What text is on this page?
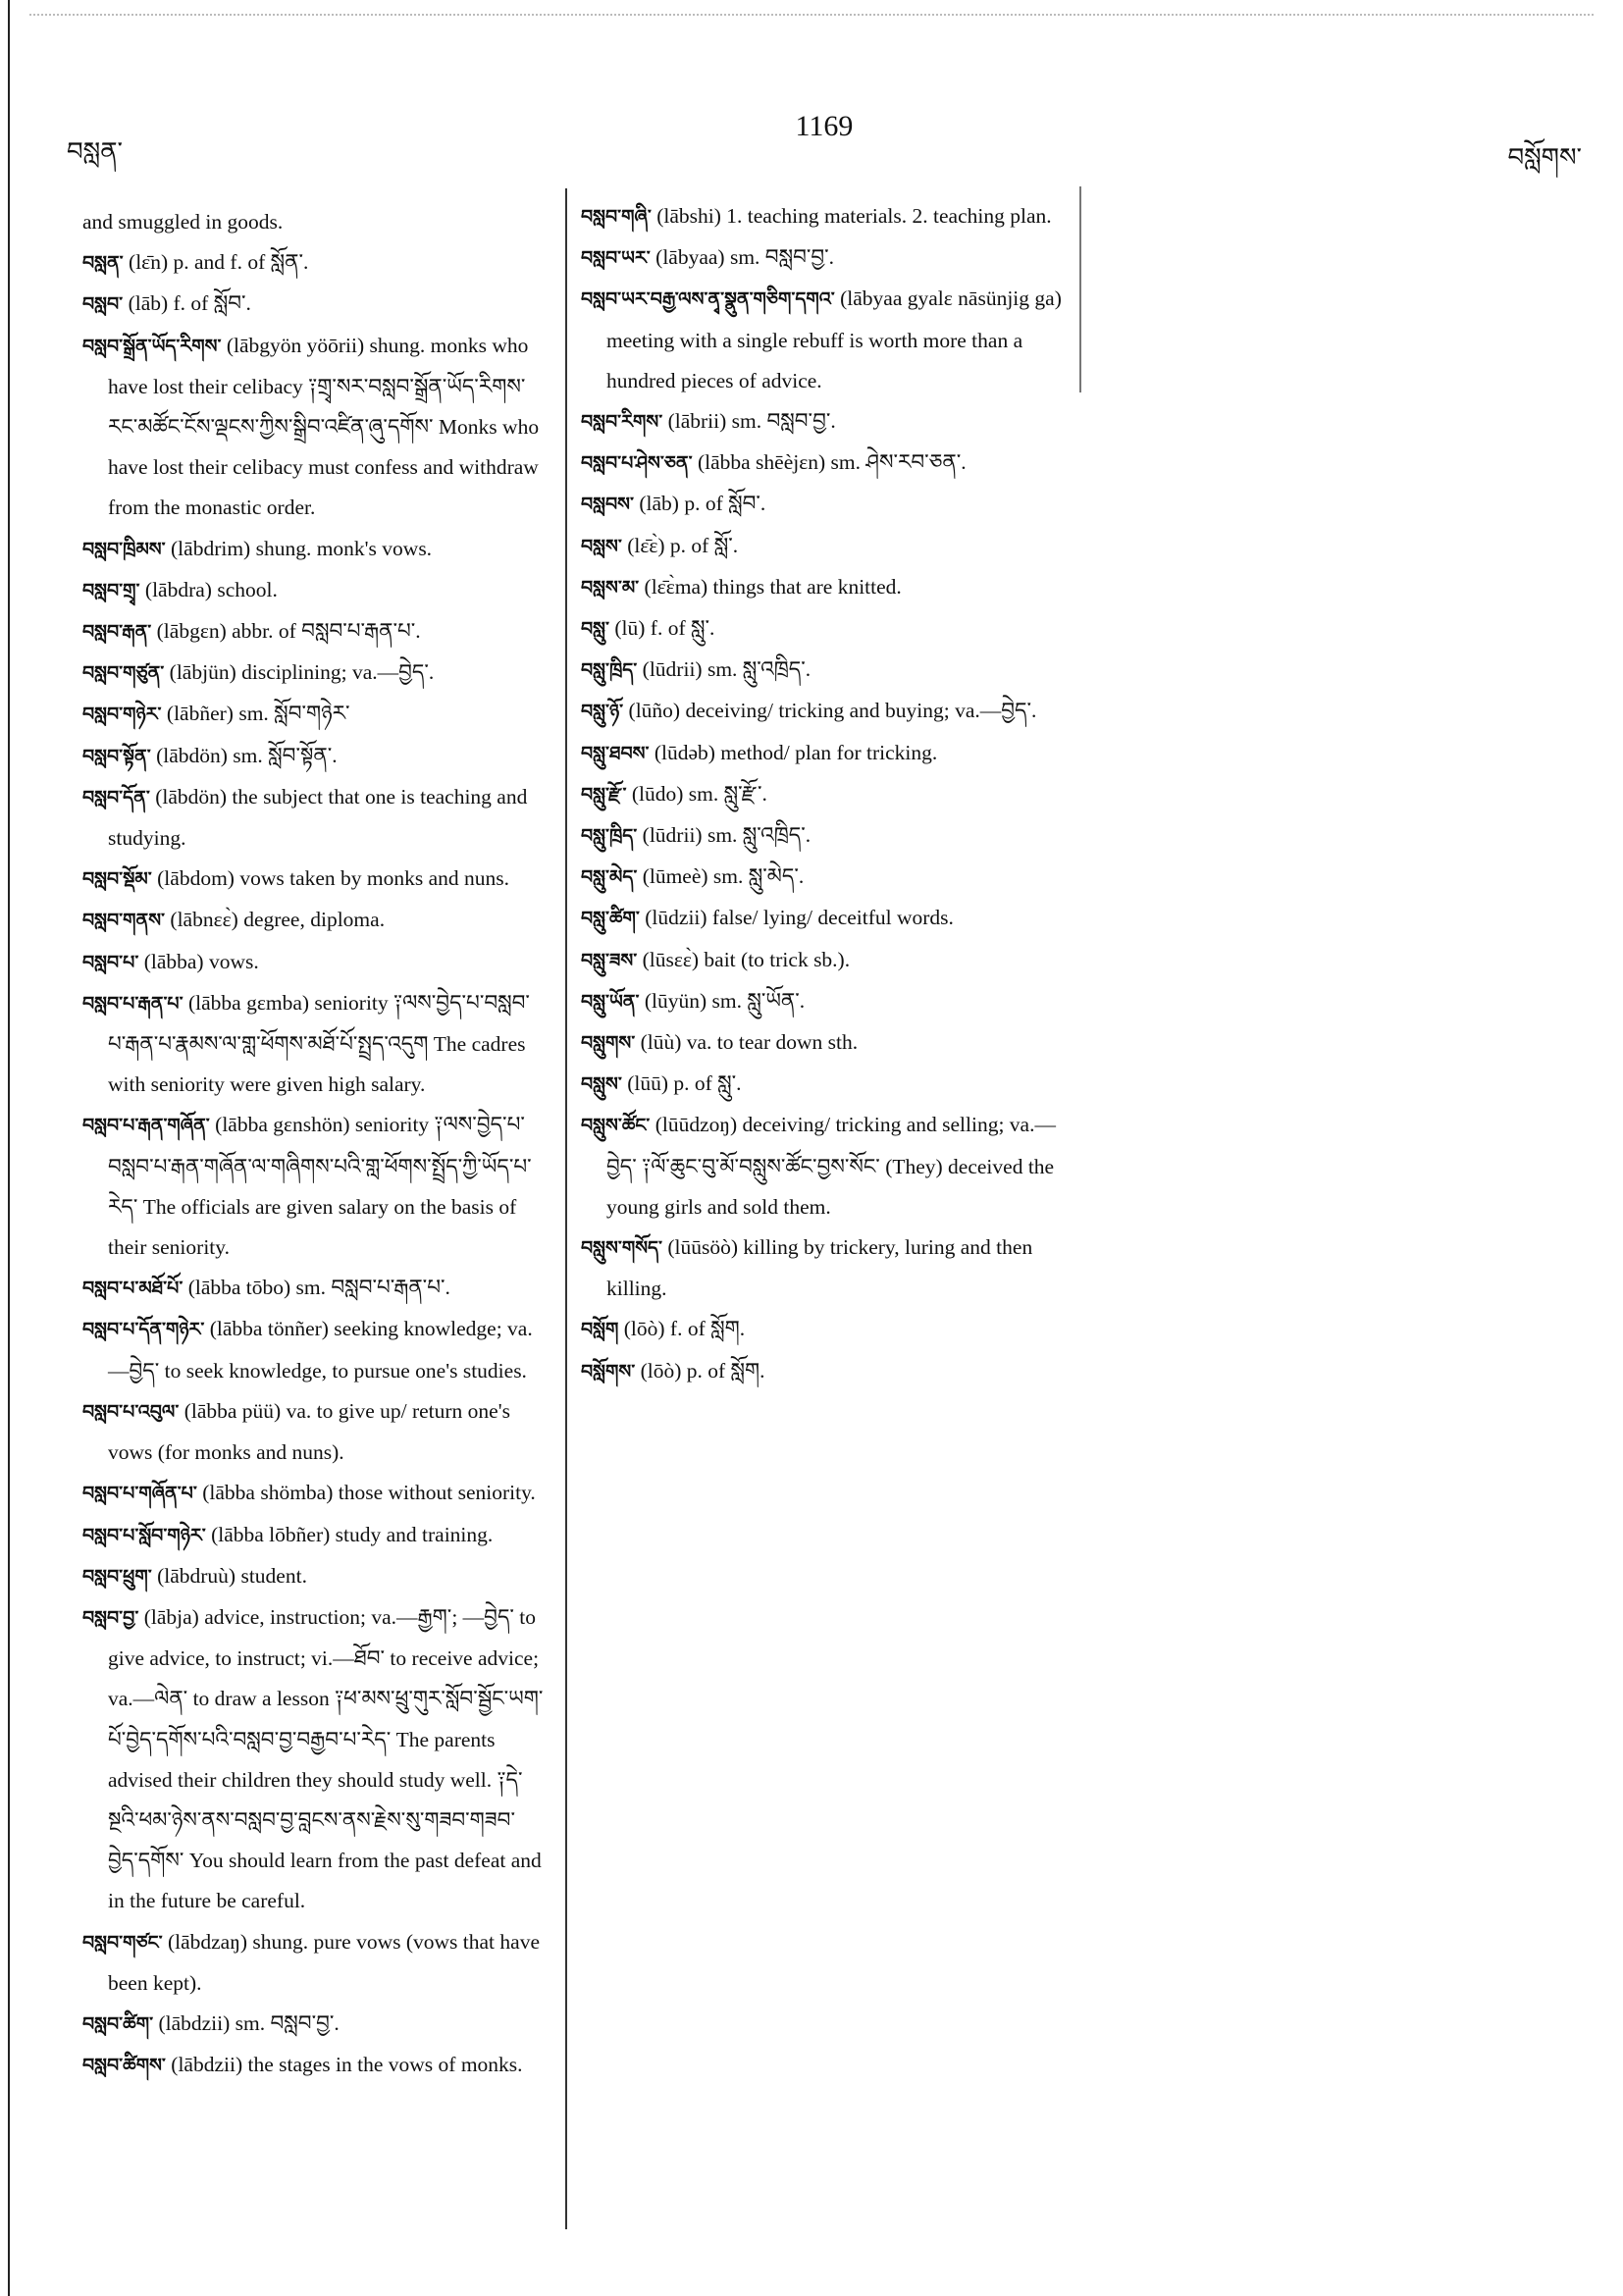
བསླན་
1169
བསློགས་
and smuggled in goods.
བསླན་ (lɛ̄n) p. and f. of སློན་.
བསླབ་ (lāb) f. of སློབ་.
བསླབ་སྒྲོན་ཡོད་རིགས་ (lābgyön yöōrii) shung. monks who have lost their celibacy ༑གྲྭ་སར་བསླབ་སྒྲོན་ཡོད་རིགས་རང་མཚོང་ངོས་ལྡངས་ཀྱིས་སྒྲིབ་འཛིན་ཞུ་དགོས་ Monks who have lost their celibacy must confess and withdraw from the monastic order.
བསླབ་ཁྲིམས་ (lābdrim) shung. monk's vows.
བསླབ་གྲྭ་ (lābdra) school.
བསླབ་རྒན་ (lābgɛn) abbr. of བསླབ་པ་རྒན་པ་.
བསླབ་གཙུན་ (lābjün) disciplining; va.—བྱེད་.
བསླབ་གཉེར་ (lābñer) sm. སློབ་གཉེར་
བསླབ་སྟོན་ (lābdön) sm. སློབ་སྟོན་.
བསླབ་དོན་ (lābdön) the subject that one is teaching and studying.
བསླབ་སྡོམ་ (lābdom) vows taken by monks and nuns.
བསླབ་གནས་ (lābnɛɛ̀) degree, diploma.
བསླབ་པ་ (lābba) vows.
བསླབ་པ་རྒན་པ་ (lābba gɛmba) seniority ༑ལས་བྱེད་པ་བསླབ་པ་རྒན་པ་རྣམས་ལ་གླ་ཕོགས་མཐོ་པོ་སྤྲད་འདུག The cadres with seniority were given high salary.
བསླབ་པ་རྒན་གཞོན་ (lābba gɛnshön) seniority ༑ལས་བྱེད་པ་བསླབ་པ་རྒན་གཞོན་ལ་གཞིགས་པའི་གླ་ཕོགས་སྤྲོད་ཀྱི་ཡོད་པ་རེད་ The officials are given salary on the basis of their seniority.
བསླབ་པ་མཐོ་པོ་ (lābba tōbo) sm. བསླབ་པ་རྒན་པ་.
བསླབ་པ་དོན་གཉེར་ (lābba tönñer) seeking knowledge; va.—བྱེད་ to seek knowledge, to pursue one's studies.
བསླབ་པ་འབུལ་ (lābba püü) va. to give up/ return one's vows (for monks and nuns).
བསླབ་པ་གཞོན་པ་ (lābba shömba) those without seniority.
བསླབ་པ་སློབ་གཉེར་ (lābba lōbñer) study and training.
བསླབ་ཕྲུག་ (lābdruù) student.
བསླབ་བྱ་ (lābja) advice, instruction; va.—རྒྱག་; —བྱེད་ to give advice, to instruct; vi.—ཐོབ་ to receive advice; va.—ལེན་ to draw a lesson ༑ཕ་མས་ཕྲུ་གུར་སློབ་སྦྱོང་ཡག་པོ་བྱེད་དགོས་པའི་བསླབ་བྱ་བརྒྱབ་པ་རེད་ The parents advised their children they should study well. ༑དེ་སྔའི་ཕམ་ཉེས་ནས་བསླབ་བྱ་བླངས་ནས་རྗེས་སུ་གཟབ་གཟབ་བྱེད་དགོས་ You should learn from the past defeat and in the future be careful.
བསླབ་གཙང་ (lābdzaŋ) shung. pure vows (vows that have been kept).
བསླབ་ཚིག་ (lābdzii) sm. བསླབ་བྱ་.
བསླབ་ཚིགས་ (lābdzii) the stages in the vows of monks.
བསླབ་གཞི་ (lābshi) 1. teaching materials. 2. teaching plan.
བསླབ་ཡར་ (lābyaa) sm. བསླབ་བྱ་.
བསླབ་ཡར་བརྒྱ་ལས་ནྭ་སྣུན་གཅིག་དགའ་ (lābyaa gyalɛ nāsünjig ga) meeting with a single rebuff is worth more than a hundred pieces of advice.
བསླབ་རིགས་ (lābrii) sm. བསླབ་བྱ་.
བསླབ་པ་ཤེས་ཅན་ (lābba shēèjɛn) sm. ཤེས་རབ་ཅན་.
བསླབས་ (lāb) p. of སློབ་.
བསླས་ (lɛ̄ɛ̀) p. of སློ་.
བསླས་མ་ (lɛ̄ɛ̀ma) things that are knitted.
བསླུ་ (lū) f. of སླུ་.
བསླུ་ཁྲིད་ (lūdrii) sm. སླུ་འཁྲིད་.
བསླུ་ཉོ་ (lūño) deceiving/ tricking and buying; va.—བྱེད་.
བསླུ་ཐབས་ (lūdəb) method/ plan for tricking.
བསླུ་རྫོ་ (lūdo) sm. སླུ་རྫོ་.
བསླུ་ཁྲིད་ (lūdrii) sm. སླུ་འཁྲིད་.
བསླུ་མེད་ (lūmeè) sm. སླུ་མེད་.
བསླུ་ཚིག་ (lūdzii) false/ lying/ deceitful words.
བསླུ་ཟས་ (lūsɛɛ̀) bait (to trick sb.).
བསླུ་ཡོན་ (lūyün) sm. སླུ་ཡོན་.
བསླུགས་ (lūù) va. to tear down sth.
བསླུས་ (lūū) p. of སླུ་.
བསླུས་ཚོང་ (lūūdzoŋ) deceiving/ tricking and selling; va.—བྱེད་ ༑ལོ་ཆུང་བུ་མོ་བསླུས་ཚོང་བྱས་སོང་ (They) deceived the young girls and sold them.
བསླུས་གསོད་ (lūūsöò) killing by trickery, luring and then killing.
བསློག (lōò) f. of སློག.
བསློགས་ (lōò) p. of སློག.
